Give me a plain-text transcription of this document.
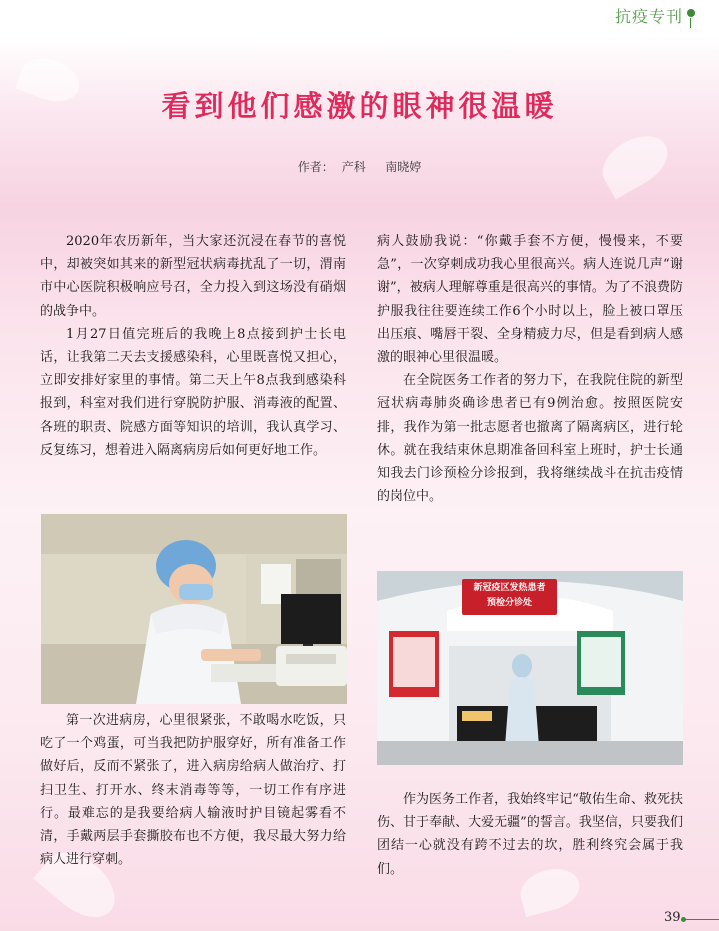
抗疫专刊
看到他们感激的眼神很温暖
作者： 产科 南晓婷

2020年农历新年，当大家还沉浸在春节的喜悦中，却被突如其来的新型冠状病毒扰乱了一切，渭南市中心医院积极响应号召，全力投入到这场没有硝烟的战争中。

1月27日值完班后的我晚上8点接到护士长电话，让我第二天去支援感染科，心里既喜悦又担心，立即安排好家里的事情。第二天上午8点我到感染科报到，科室对我们进行穿脱防护服、消毒液的配置、各班的职责、院感方面等知识的培训，我认真学习、反复练习，想着进入隔离病房后如何更好地工作。

第一次进病房，心里很紧张，不敢喝水吃饭，只吃了一个鸡蛋，可当我把防护服穿好，所有准备工作做好后，反而不紧张了，进入病房给病人做治疗、打扫卫生、打开水、终末消毒等等，一切工作有序进行。最难忘的是我要给病人输液时护目镜起雾看不清，手戴两层手套撕胶布也不方便，我尽最大努力给病人进行穿刺。

病人鼓励我说：“你戴手套不方便，慢慢来，不要急”，一次穿刺成功我心里很高兴。病人连说几声“谢谢”，被病人理解尊重是很高兴的事情。为了不浪费防护服我往往要连续工作6个小时以上，脸上被口罩压出压痕、嘴唇干裂、全身精疲力尽，但是看到病人感激的眼神心里很温暖。

在全院医务工作者的努力下，在我院住院的新型冠状病毒肺炎确诊患者已有9例治愈。按照医院安排，我作为第一批志愿者也撤离了隔离病区，进行轮休。就在我结束休息期准备回科室上班时，护士长通知我去门诊预检分诊报到，我将继续战斗在抗击疫情的岗位中。

新冠疫区发热患者
预检分诊处

作为医务工作者，我始终牢记“敬佑生命、救死扶伤、甘于奉献、大爱无疆”的誓言。我坚信，只要我们团结一心就没有跨不过去的坎，胜利终究会属于我们。

39
